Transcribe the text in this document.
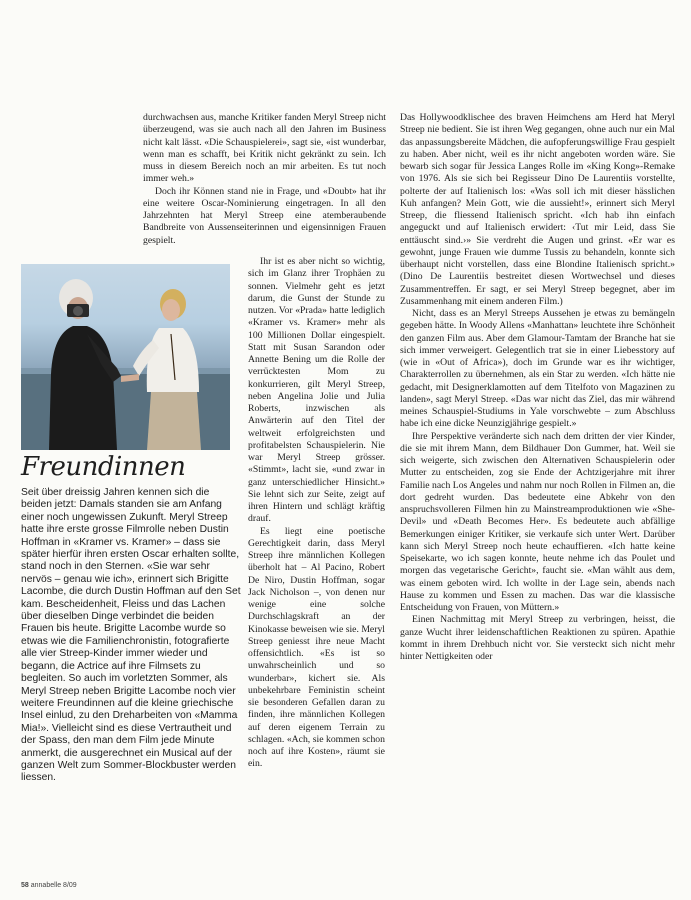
durchwachsen aus, manche Kritiker fanden Meryl Streep nicht überzeugend, was sie auch nach all den Jahren im Business nicht kalt lässt. «Die Schauspielerei», sagt sie, «ist wunderbar, wenn man es schafft, bei Kritik nicht gekränkt zu sein. Ich muss in diesem Bereich noch an mir arbeiten. Es tut noch immer weh.»

Doch ihr Können stand nie in Frage, und «Doubt» hat ihr eine weitere Oscar-Nominierung eingetragen. In all den Jahrzehnten hat Meryl Streep eine atemberaubende Bandbreite von Aussenseiterinnen und eigensinnigen Frauen gespielt.

Ihr ist es aber nicht so wichtig, sich im Glanz ihrer Trophäen zu sonnen. Vielmehr geht es jetzt darum, die Gunst der Stunde zu nutzen. Vor «Prada» hatte lediglich «Kramer vs. Kramer» mehr als 100 Millionen Dollar eingespielt. Statt mit Susan Sarandon oder Annette Bening um die Rolle der verrücktesten Mom zu konkurrieren, gilt Meryl Streep, neben Angelina Jolie und Julia Roberts, inzwischen als Anwärterin auf den Titel der weltweit erfolgreichsten und profitabelsten Schauspielerin. Nie war Meryl Streep grösser. «Stimmt», lacht sie, «und zwar in ganz unterschiedlicher Hinsicht.» Sie lehnt sich zur Seite, zeigt auf ihren Hintern und schlägt kräftig drauf.

Es liegt eine poetische Gerechtigkeit darin, dass Meryl Streep ihre männlichen Kollegen überholt hat – Al Pacino, Robert De Niro, Dustin Hoffman, sogar Jack Nicholson –, von denen nur wenige eine solche Durchschlagskraft an der Kinokasse beweisen wie sie. Meryl Streep geniesst ihre neue Macht offensichtlich. «Es ist so unwahrscheinlich und so wunderbar», kichert sie. Als unbekehrbare Feministin scheint sie besonderen Gefallen daran zu finden, ihre männlichen Kollegen auf deren eigenem Terrain zu schlagen. «Ach, sie kommen schon noch auf ihre Kosten», räumt sie ein.

Das Hollywoodklischee des braven Heimchens am Herd hat Meryl Streep nie bedient. Sie ist ihren Weg gegangen, ohne auch nur ein Mal das anpassungsbereite Mädchen, die aufopferungswillige Frau gespielt zu haben. Aber nicht, weil es ihr nicht angeboten worden wäre. Sie bewarb sich sogar für Jessica Langes Rolle im «King Kong»-Remake von 1976. Als sie sich bei Regisseur Dino De Laurentiis vorstellte, polterte der auf Italienisch los: «Was soll ich mit dieser hässlichen Kuh anfangen? Mein Gott, wie die aussieht!», erinnert sich Meryl Streep, die fliessend Italienisch spricht. «Ich hab ihn einfach angeguckt und auf Italienisch erwidert: ‹Tut mir Leid, dass Sie enttäuscht sind.›» Sie verdreht die Augen und grinst. «Er war es gewohnt, junge Frauen wie dumme Tussis zu behandeln, konnte sich überhaupt nicht vorstellen, dass eine Blondine Italienisch spricht.» (Dino De Laurentiis bestreitet diesen Wortwechsel und dieses Zusammentreffen. Er sagt, er sei Meryl Streep begegnet, aber im Zusammenhang mit einem anderen Film.)

Nicht, dass es an Meryl Streeps Aussehen je etwas zu bemängeln gegeben hätte. In Woody Allens «Manhattan» leuchtete ihre Schönheit den ganzen Film aus. Aber dem Glamour-Tamtam der Branche hat sie sich immer verweigert. Gelegentlich trat sie in einer Liebesstory auf (wie in «Out of Africa»), doch im Grunde war es ihr wichtiger, Charakterrollen zu übernehmen, als ein Star zu werden. «Ich hätte nie gedacht, mit Designerklamotten auf dem Titelfoto von Magazinen zu landen», sagt Meryl Streep. «Das war nicht das Ziel, das mir während meines Schauspiel-Studiums in Yale vorschwebte – zum Abschluss habe ich eine dicke Neunzigjährige gespielt.»

Ihre Perspektive veränderte sich nach dem dritten der vier Kinder, die sie mit ihrem Mann, dem Bildhauer Don Gummer, hat. Weil sie sich weigerte, sich zwischen den Alternativen Schauspielerin oder Mutter zu entscheiden, zog sie Ende der Achtzigerjahre mit ihrer Familie nach Los Angeles und nahm nur noch Rollen in Filmen an, die dort gedreht wurden. Das bedeutete eine Abkehr von den anspruchsvolleren Filmen hin zu Mainstreamproduktionen wie «She-Devil» und «Death Becomes Her». Es bedeutete auch abfällige Bemerkungen einiger Kritiker, sie verkaufe sich unter Wert. Darüber kann sich Meryl Streep noch heute echauffieren. «Ich hatte keine Speisekarte, wo ich sagen konnte, heute nehme ich das Poulet und morgen das vegetarische Gericht», faucht sie. «Man wählt aus dem, was einem geboten wird. Ich wollte in der Lage sein, abends nach Hause zu kommen und Essen zu machen. Das war die klassische Entscheidung von Frauen, von Müttern.»

Einen Nachmittag mit Meryl Streep zu verbringen, heisst, die ganze Wucht ihrer leidenschaftlichen Reaktionen zu spüren. Apathie kommt in ihrem Drehbuch nicht vor. Sie versteckt sich nicht mehr hinter Nettigkeiten oder

Freundinnen

Seit über dreissig Jahren kennen sich die beiden jetzt: Damals standen sie am Anfang einer noch ungewissen Zukunft. Meryl Streep hatte ihre erste grosse Filmrolle neben Dustin Hoffman in «Kramer vs. Kramer» – dass sie später hierfür ihren ersten Oscar erhalten sollte, stand noch in den Sternen. «Sie war sehr nervös – genau wie ich», erinnert sich Brigitte Lacombe, die durch Dustin Hoffman auf den Set kam. Bescheidenheit, Fleiss und das Lachen über dieselben Dinge verbindet die beiden Frauen bis heute. Brigitte Lacombe wurde so etwas wie die Familienchronistin, fotografierte alle vier Streep-Kinder immer wieder und begann, die Actrice auf ihre Filmsets zu begleiten. So auch im vorletzten Sommer, als Meryl Streep neben Brigitte Lacombe noch vier weitere Freundinnen auf die kleine griechische Insel einlud, zu den Dreharbeiten von «Mamma Mia!». Vielleicht sind es diese Vertrautheit und der Spass, den man dem Film jede Minute anmerkt, die ausgerechnet ein Musical auf der ganzen Welt zum Sommer-Blockbuster werden liessen.

58 annabelle 8/09
